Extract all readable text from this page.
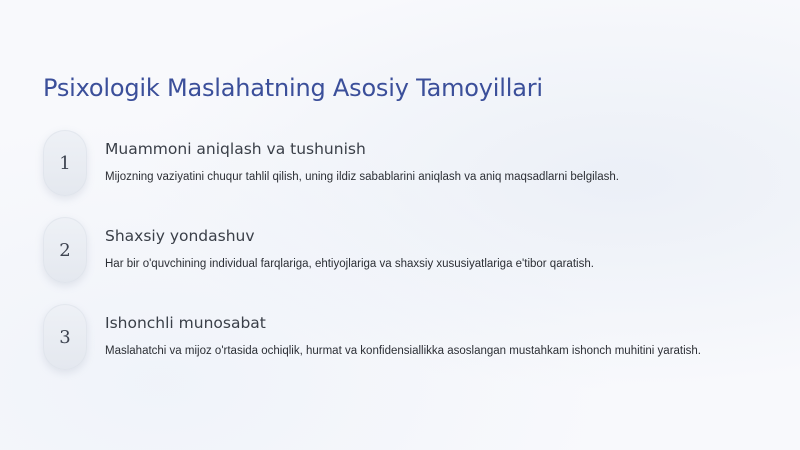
Psixologik Maslahatning Asosiy Tamoyillari
1
Muammoni aniqlash va tushunish
Mijozning vaziyatini chuqur tahlil qilish, uning ildiz sabablarini aniqlash va aniq maqsadlarni belgilash.
2
Shaxsiy yondashuv
Har bir o'quvchining individual farqlariga, ehtiyojlariga va shaxsiy xususiyatlariga e'tibor qaratish.
3
Ishonchli munosabat
Maslahatchi va mijoz o'rtasida ochiqlik, hurmat va konfidensiallikka asoslangan mustahkam ishonch muhitini yaratish.
